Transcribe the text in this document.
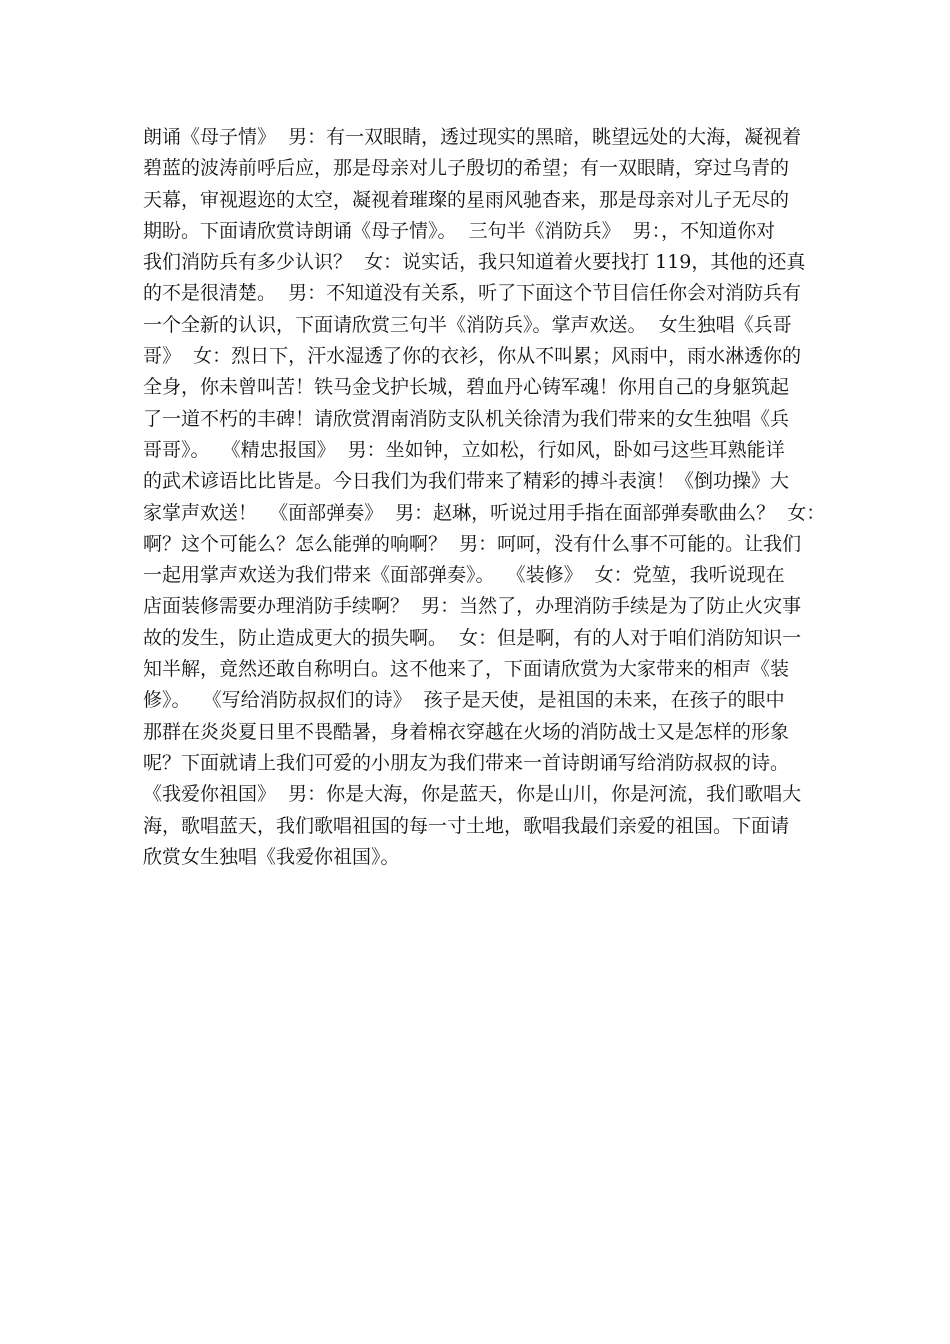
朗诵《母子情》  男：有一双眼睛，透过现实的黑暗，眺望远处的大海，凝视着
碧蓝的波涛前呼后应，那是母亲对儿子殷切的希望；有一双眼睛，穿过乌青的
天幕，审视遐迩的太空，凝视着璀璨的星雨风驰杳来，那是母亲对儿子无尽的
期盼。下面请欣赏诗朗诵《母子情》。  三句半《消防兵》  男：，不知道你对
我们消防兵有多少认识？  女：说实话，我只知道着火要找打 119，其他的还真
的不是很清楚。  男：不知道没有关系，听了下面这个节目信任你会对消防兵有
一个全新的认识，下面请欣赏三句半《消防兵》。掌声欢送。  女生独唱《兵哥
哥》  女：烈日下，汗水湿透了你的衣衫，你从不叫累；风雨中，雨水淋透你的
全身，你未曾叫苦！铁马金戈护长城，碧血丹心铸军魂！你用自己的身躯筑起
了一道不朽的丰碑！请欣赏渭南消防支队机关徐清为我们带来的女生独唱《兵
哥哥》。  《精忠报国》  男：坐如钟，立如松，行如风，卧如弓这些耳熟能详
的武术谚语比比皆是。今日我们为我们带来了精彩的搏斗表演！《倒功操》大
家掌声欢送！  《面部弹奏》  男：赵琳，听说过用手指在面部弹奏歌曲么？  女：
啊？这个可能么？怎么能弹的响啊？  男：呵呵，没有什么事不可能的。让我们
一起用掌声欢送为我们带来《面部弹奏》。  《装修》  女：党堃，我听说现在
店面装修需要办理消防手续啊？  男：当然了，办理消防手续是为了防止火灾事
故的发生，防止造成更大的损失啊。  女：但是啊，有的人对于咱们消防知识一
知半解，竟然还敢自称明白。这不他来了，下面请欣赏为大家带来的相声《装
修》。  《写给消防叔叔们的诗》  孩子是天使，是祖国的未来，在孩子的眼中
那群在炎炎夏日里不畏酷暑，身着棉衣穿越在火场的消防战士又是怎样的形象
呢？下面就请上我们可爱的小朋友为我们带来一首诗朗诵写给消防叔叔的诗。
《我爱你祖国》  男：你是大海，你是蓝天，你是山川，你是河流，我们歌唱大
海，歌唱蓝天，我们歌唱祖国的每一寸土地，歌唱我最们亲爱的祖国。下面请
欣赏女生独唱《我爱你祖国》。
